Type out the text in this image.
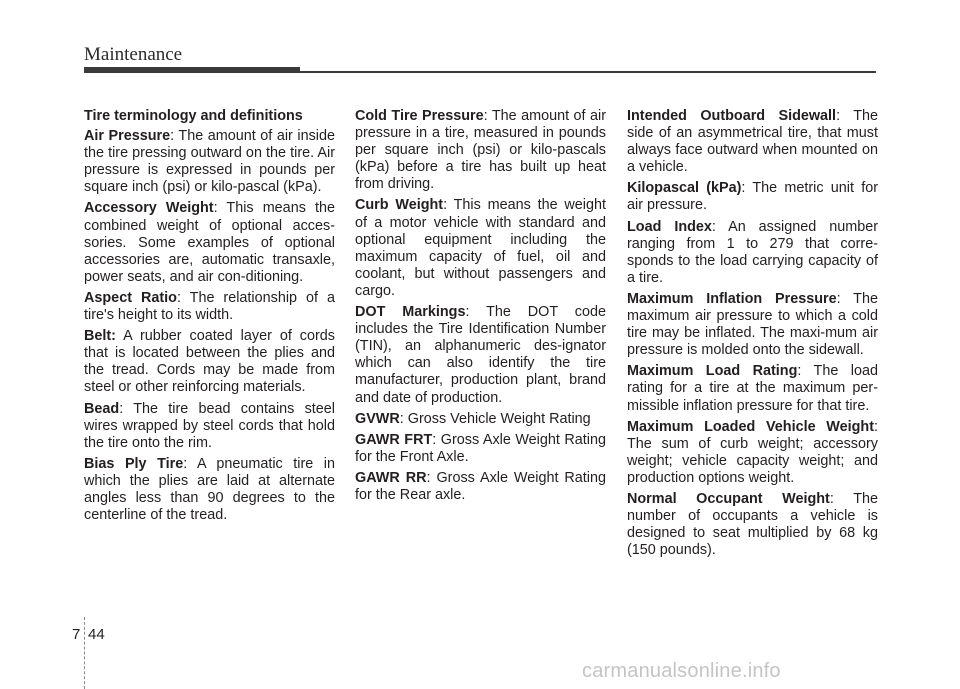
Maintenance
Tire terminology and definitions

Air Pressure: The amount of air inside the tire pressing outward on the tire. Air pressure is expressed in pounds per square inch (psi) or kilo-pascal (kPa).

Accessory Weight: This means the combined weight of optional acces-sories. Some examples of optional accessories are, automatic transaxle, power seats, and air con-ditioning.

Aspect Ratio: The relationship of a tire's height to its width.

Belt: A rubber coated layer of cords that is located between the plies and the tread. Cords may be made from steel or other reinforcing materials.

Bead: The tire bead contains steel wires wrapped by steel cords that hold the tire onto the rim.

Bias Ply Tire: A pneumatic tire in which the plies are laid at alternate angles less than 90 degrees to the centerline of the tread.

Cold Tire Pressure: The amount of air pressure in a tire, measured in pounds per square inch (psi) or kilo-pascals (kPa) before a tire has built up heat from driving.

Curb Weight: This means the weight of a motor vehicle with standard and optional equipment including the maximum capacity of fuel, oil and coolant, but without passengers and cargo.

DOT Markings: The DOT code includes the Tire Identification Number (TIN), an alphanumeric des-ignator which can also identify the tire manufacturer, production plant, brand and date of production.

GVWR: Gross Vehicle Weight Rating

GAWR FRT: Gross Axle Weight Rating for the Front Axle.

GAWR RR: Gross Axle Weight Rating for the Rear axle.

Intended Outboard Sidewall: The side of an asymmetrical tire, that must always face outward when mounted on a vehicle.

Kilopascal (kPa): The metric unit for air pressure.

Load Index: An assigned number ranging from 1 to 279 that corre-sponds to the load carrying capacity of a tire.

Maximum Inflation Pressure: The maximum air pressure to which a cold tire may be inflated. The maxi-mum air pressure is molded onto the sidewall.

Maximum Load Rating: The load rating for a tire at the maximum per-missible inflation pressure for that tire.

Maximum Loaded Vehicle Weight: The sum of curb weight; accessory weight; vehicle capacity weight; and production options weight.

Normal Occupant Weight: The number of occupants a vehicle is designed to seat multiplied by 68 kg (150 pounds).

7 44
carmanualsonline.info
